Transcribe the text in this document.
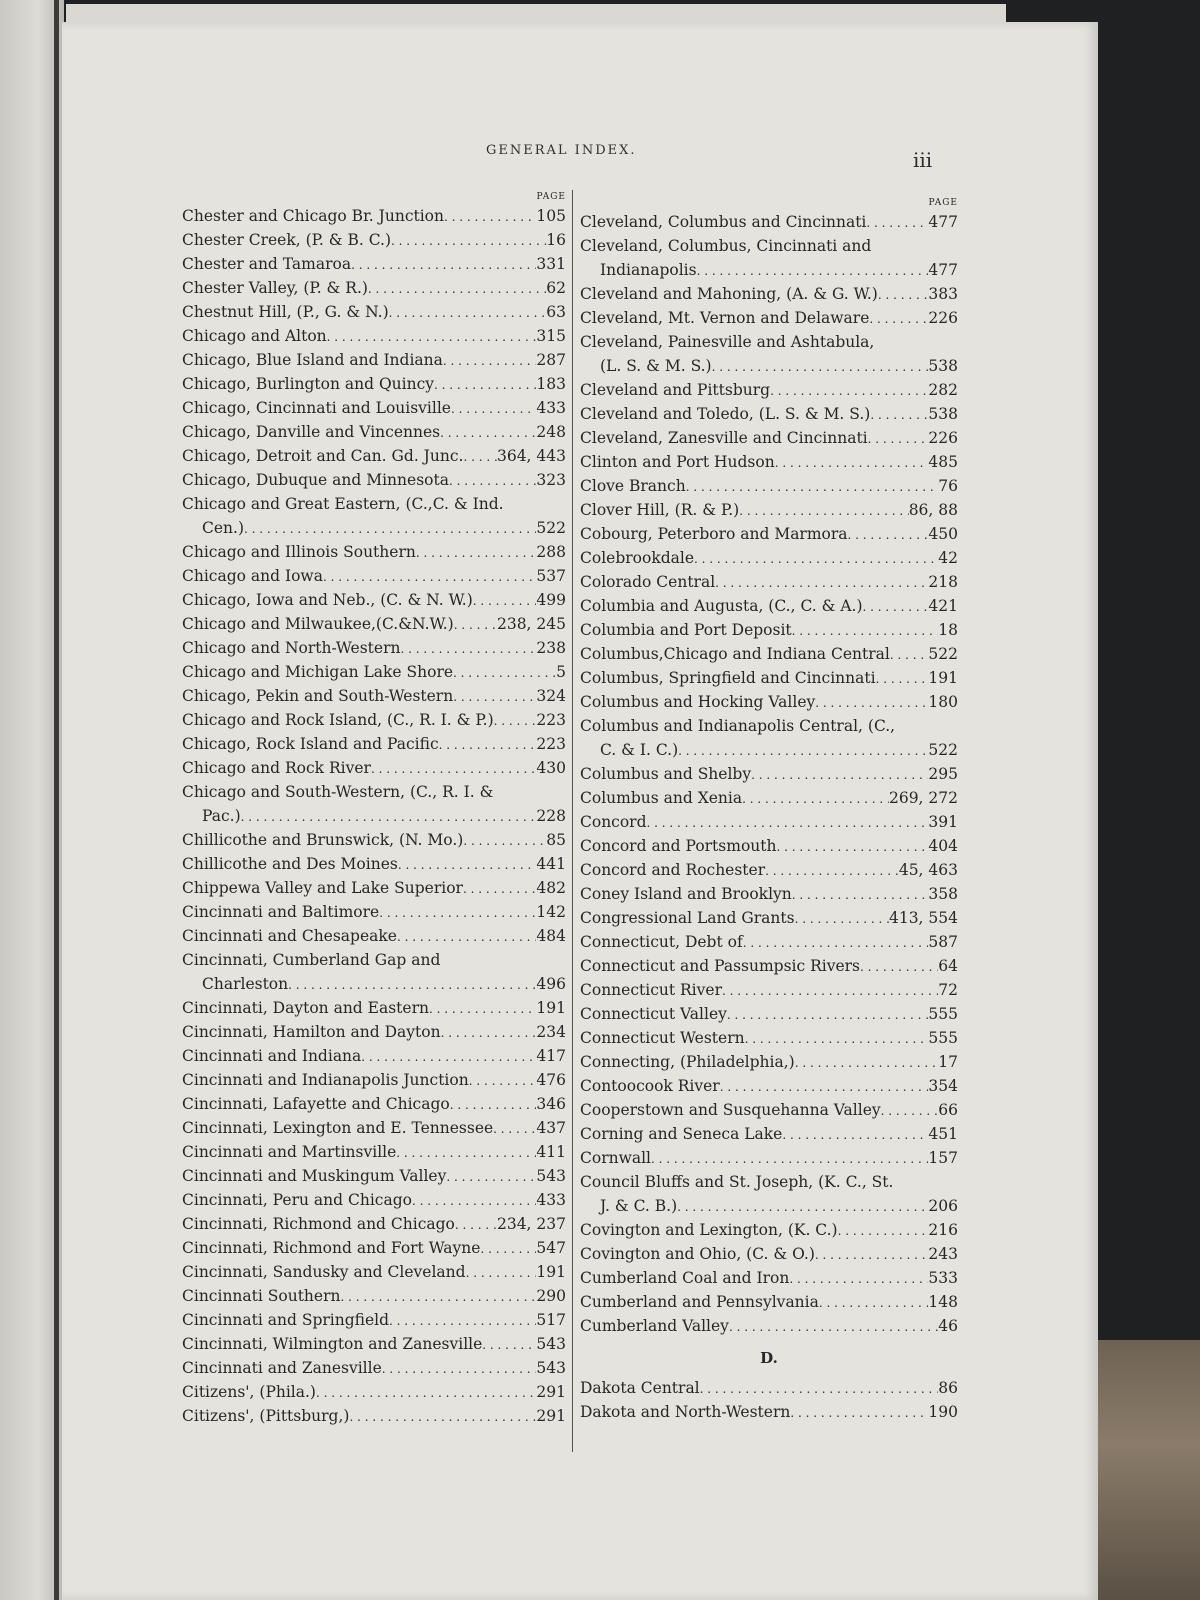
GENERAL INDEX.	iii
PAGE
Chester and Chicago Br. Junction . . .	105
Chester Creek, (P. & B. C.) . . .	16
Chester and Tamaroa . . .	331
Chester Valley, (P. & R.) . . .	62
Chestnut Hill, (P., G. & N.) . . .	63
Chicago and Alton . . .	315
Chicago, Blue Island and Indiana . . .	287
Chicago, Burlington and Quincy . . .	183
Chicago, Cincinnati and Louisville . . .	433
Chicago, Danville and Vincennes . . .	248
Chicago, Detroit and Can. Gd. Junc. . . . 364, 443
Chicago, Dubuque and Minnesota . . .	323
Chicago and Great Eastern, (C.,C. & Ind.
Cen.) . . .	522
Chicago and Illinois Southern . . .	288
Chicago and Iowa . . .	537
Chicago, Iowa and Neb., (C. & N. W.) . . .	499
Chicago and Milwaukee,(C.&N.W.) . . .	238, 245
Chicago and North-Western . . .	238
Chicago and Michigan Lake Shore . . .	5
Chicago, Pekin and South-Western . . .	324
Chicago and Rock Island, (C., R. I. & P.) . . .	223
Chicago, Rock Island and Pacific . . .	223
Chicago and Rock River . . .	430
Chicago and South-Western, (C., R. I. &
Pac.) . . .	228
Chillicothe and Brunswick, (N. Mo.) . . .	85
Chillicothe and Des Moines . . .	441
Chippewa Valley and Lake Superior . . .	482
Cincinnati and Baltimore . . .	142
Cincinnati and Chesapeake . . .	484
Cincinnati, Cumberland Gap and
Charleston . . .	496
Cincinnati, Dayton and Eastern . . .	191
Cincinnati, Hamilton and Dayton . . .	234
Cincinnati and Indiana . . .	417
Cincinnati and Indianapolis Junction . . .	476
Cincinnati, Lafayette and Chicago . . .	346
Cincinnati, Lexington and E. Tennessee . . .	437
Cincinnati and Martinsville . . .	411
Cincinnati and Muskingum Valley . . .	543
Cincinnati, Peru and Chicago . . .	433
Cincinnati, Richmond and Chicago . . .	234, 237
Cincinnati, Richmond and Fort Wayne . . .	547
Cincinnati, Sandusky and Cleveland . . .	191
Cincinnati Southern . . .	290
Cincinnati and Springfield . . .	517
Cincinnati, Wilmington and Zanesville . . .	543
Cincinnati and Zanesville . . .	543
Citizens', (Phila.) . . .	291
Citizens', (Pittsburg,) . . .	291
PAGE
Cleveland, Columbus and Cincinnati . . .	477
Cleveland, Columbus, Cincinnati and
Indianapolis . . .	477
Cleveland and Mahoning, (A. & G. W.) . . .	383
Cleveland, Mt. Vernon and Delaware . . .	226
Cleveland, Painesville and Ashtabula,
(L. S. & M. S.) . . .	538
Cleveland and Pittsburg . . .	282
Cleveland and Toledo, (L. S. & M. S.) . . .	538
Cleveland, Zanesville and Cincinnati . . .	226
Clinton and Port Hudson . . .	485
Clove Branch . . .	76
Clover Hill, (R. & P.) . . .	86, 88
Cobourg, Peterboro and Marmora . . .	450
Colebrookdale . . .	42
Colorado Central . . .	218
Columbia and Augusta, (C., C. & A.) . . .	421
Columbia and Port Deposit . . .	18
Columbus,Chicago and Indiana Central . . . 522
Columbus, Springfield and Cincinnati . . .	191
Columbus and Hocking Valley . . .	180
Columbus and Indianapolis Central, (C.,
C. & I. C.) . . .	522
Columbus and Shelby . . .	295
Columbus and Xenia . . .	269, 272
Concord . . .	391
Concord and Portsmouth . . .	404
Concord and Rochester . . .	45, 463
Coney Island and Brooklyn . . .	358
Congressional Land Grants . . .	413, 554
Connecticut, Debt of . . .	587
Connecticut and Passumpsic Rivers . . .	64
Connecticut River . . .	72
Connecticut Valley . . .	555
Connecticut Western . . .	555
Connecting, (Philadelphia,) . . .	17
Contoocook River . . .	354
Cooperstown and Susquehanna Valley . . .	66
Corning and Seneca Lake . . .	451
Cornwall . . .	157
Council Bluffs and St. Joseph, (K. C., St.
J. & C. B.) . . .	206
Covington and Lexington, (K. C.) . . .	216
Covington and Ohio, (C. & O.) . . .	243
Cumberland Coal and Iron . . .	533
Cumberland and Pennsylvania . . .	148
Cumberland Valley . . .	46
D.
Dakota Central . . .	86
Dakota and North-Western . . .	190
